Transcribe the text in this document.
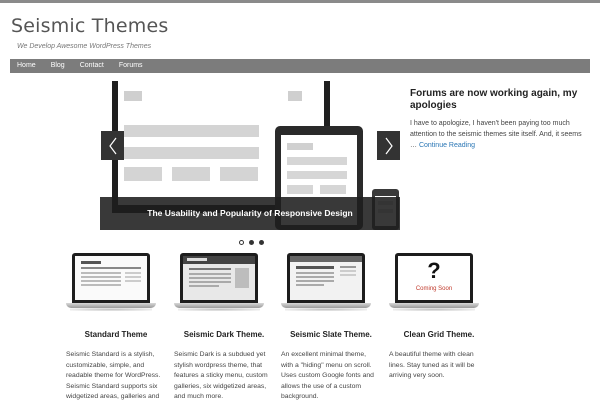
Seismic Themes
We Develop Awesome WordPress Themes
Home	Blog	Contact	Forums
The Usability and Popularity of Responsive Design
Forums are now working again, my apologies
I have to apologize, I haven't been paying too much attention to the seismic themes site itself. And, it seems … Continue Reading
Standard Theme
Seismic Standard is a stylish, customizable, simple, and readable theme for WordPress. Seismic Standard supports six widgetized areas, galleries and
Seismic Dark Theme.
Seismic Dark is a subdued yet stylish wordpress theme, that features a sticky menu, custom galleries, six widgetized areas, and much more.
Seismic Slate Theme.
An excellent minimal theme, with a "hiding" menu on scroll. Uses custom Google fonts and allows the use of a custom background.
?
Coming Soon
Clean Grid Theme.
A beautiful theme with clean lines. Stay tuned as it will be arriving very soon.
